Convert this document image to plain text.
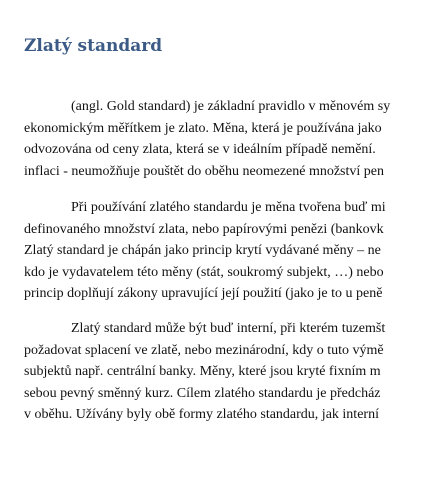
Zlatý standard

(angl. Gold standard) je základní pravidlo v měnovém sy
ekonomickým měřítkem je zlato. Měna, která je používána jako
odvozována od ceny zlata, která se v ideálním případě nemění.
inflaci - neumožňuje pouštět do oběhu neomezené množství pen

Při používání zlatého standardu je měna tvořena buď mi
definovaného množství zlata, nebo papírovými penězi (bankovk
Zlatý standard je chápán jako princip krytí vydávané měny – ne
kdo je vydavatelem této měny (stát, soukromý subjekt, …) nebo
princip doplňují zákony upravující její použití (jako je to u peně

Zlatý standard může být buď interní, při kterém tuzemšt
požadovat splacení ve zlatě, nebo mezinárodní, kdy o tuto výmě
subjektů např. centrální banky. Měny, které jsou kryté fixním m
sebou pevný směnný kurz. Cílem zlatého standardu je předcház
v oběhu. Užívány byly obě formy zlatého standardu, jak interní
